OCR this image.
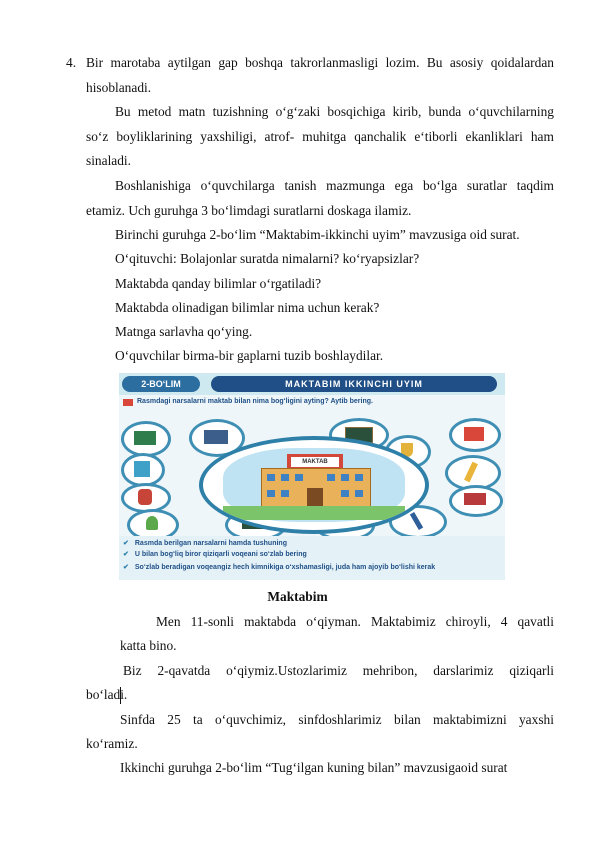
4. Bir marotaba aytilgan gap boshqa takrorlanmasligi lozim. Bu asosiy qoidalardan
hisoblanadi.
Bu metod matn tuzishning o‘g‘zaki bosqichiga kirib, bunda o‘quvchilarning
so‘z boyliklarining yaxshiligi, atrof- muhitga qanchalik e‘tiborli ekanliklari ham
sinaladi.
Boshlanishiga o‘quvchilarga tanish mazmunga ega bo‘lga suratlar taqdim
etamiz. Uch guruhga 3 bo‘limdagi suratlarni doskaga ilamiz.
Birinchi guruhga 2-bo‘lim “Maktabim-ikkinchi uyim” mavzusiga oid surat.
O‘qituvchi: Bolajonlar suratda nimalarni? ko‘ryapsizlar?
Maktabda qanday bilimlar o‘rgatiladi?
Maktabda olinadigan bilimlar nima uchun kerak?
Matnga sarlavha qo‘ying.
O‘quvchilar birma-bir gaplarni tuzib boshlaydilar.
2-BO‘LIM	MAKTABIM IKKINCHI UYIM
Rasmdagi narsalarni maktab bilan nima bog‘ligini ayting? Aytib bering.
MAKTAB
✔ Rasmda berilgan narsalarni hamda tushuning
✔ U bilan bog‘liq biror qiziqarli voqeani so‘zlab bering
✔ So‘zlab beradigan voqeangiz hech kimnikiga o‘xshamasligi, juda ham ajoyib bo‘lishi kerak
Maktabim
Men 11-sonli maktabda o‘qiyman. Maktabimiz chiroyli, 4 qavatli
katta bino.
Biz 2-qavatda o‘qiymiz.Ustozlarimiz mehribon, darslarimiz qiziqarli
bo‘ladi.
Sinfda 25 ta o‘quvchimiz, sinfdoshlarimiz bilan maktabimizni yaxshi
ko‘ramiz.
Ikkinchi guruhga 2-bo‘lim “Tug‘ilgan kuning bilan” mavzusigaoid surat
